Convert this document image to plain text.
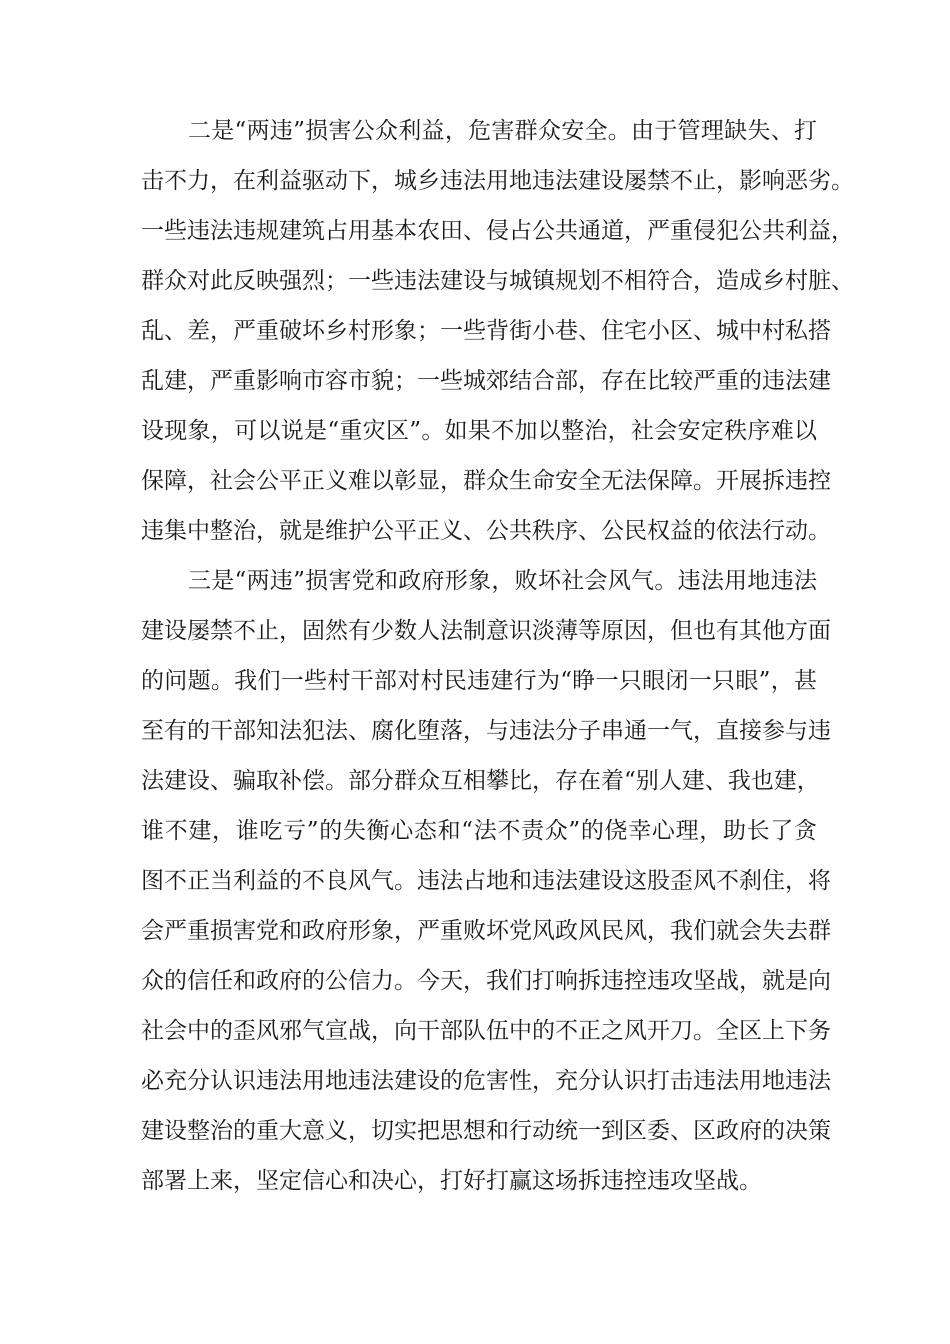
二是“两违”损害公众利益，危害群众安全。由于管理缺失、打
击不力，在利益驱动下，城乡违法用地违法建设屡禁不止，影响恶劣。
一些违法违规建筑占用基本农田、侵占公共通道，严重侵犯公共利益，
群众对此反映强烈；一些违法建设与城镇规划不相符合，造成乡村脏、
乱、差，严重破坏乡村形象；一些背街小巷、住宅小区、城中村私搭
乱建，严重影响市容市貌；一些城郊结合部，存在比较严重的违法建
设现象，可以说是“重灾区”。如果不加以整治，社会安定秩序难以
保障，社会公平正义难以彰显，群众生命安全无法保障。开展拆违控
违集中整治，就是维护公平正义、公共秩序、公民权益的依法行动。
三是“两违”损害党和政府形象，败坏社会风气。违法用地违法
建设屡禁不止，固然有少数人法制意识淡薄等原因，但也有其他方面
的问题。我们一些村干部对村民违建行为“睁一只眼闭一只眼”，甚
至有的干部知法犯法、腐化堕落，与违法分子串通一气，直接参与违
法建设、骗取补偿。部分群众互相攀比，存在着“别人建、我也建，
谁不建，谁吃亏”的失衡心态和“法不责众”的侥幸心理，助长了贪
图不正当利益的不良风气。违法占地和违法建设这股歪风不刹住，将
会严重损害党和政府形象，严重败坏党风政风民风，我们就会失去群
众的信任和政府的公信力。今天，我们打响拆违控违攻坚战，就是向
社会中的歪风邪气宣战，向干部队伍中的不正之风开刀。全区上下务
必充分认识违法用地违法建设的危害性，充分认识打击违法用地违法
建设整治的重大意义，切实把思想和行动统一到区委、区政府的决策
部署上来，坚定信心和决心，打好打赢这场拆违控违攻坚战。
